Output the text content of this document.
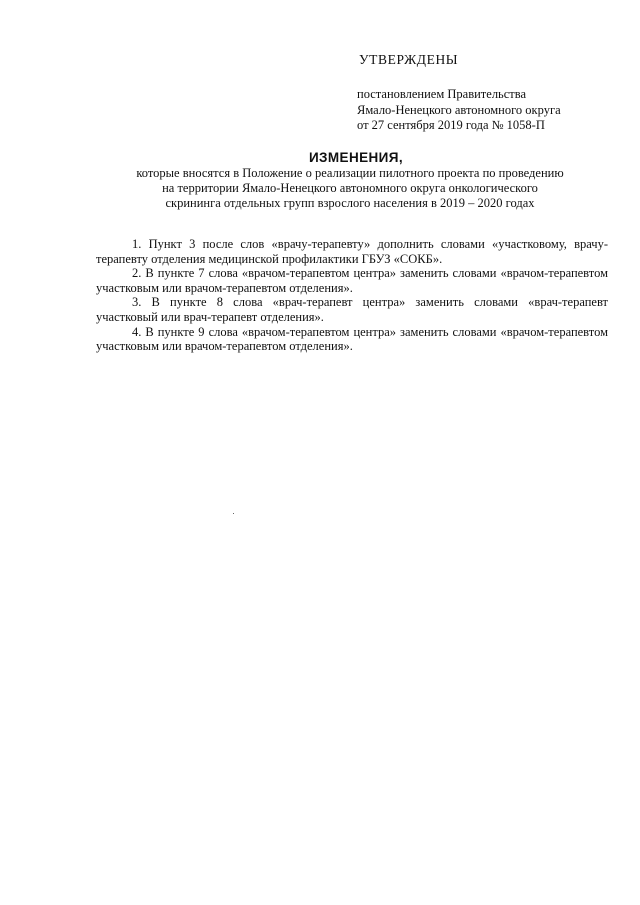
УТВЕРЖДЕНЫ
постановлением Правительства
Ямало-Ненецкого автономного округа
от 27 сентября 2019 года № 1058-П
ИЗМЕНЕНИЯ,
которые вносятся в Положение о реализации пилотного проекта по проведению
на территории Ямало-Ненецкого автономного округа онкологического
скрининга отдельных групп взрослого населения в 2019 – 2020 годах

1. Пункт 3 после слов «врачу-терапевту» дополнить словами «участковому, врачу-терапевту отделения медицинской профилактики ГБУЗ «СОКБ».

2. В пункте 7 слова «врачом-терапевтом центра» заменить словами «врачом-терапевтом участковым или врачом-терапевтом отделения».

3. В пункте 8 слова «врач-терапевт центра» заменить словами «врач-терапевт участковый или врач-терапевт отделения».

4. В пункте 9 слова «врачом-терапевтом центра» заменить словами «врачом-терапевтом участковым или врачом-терапевтом отделения».
